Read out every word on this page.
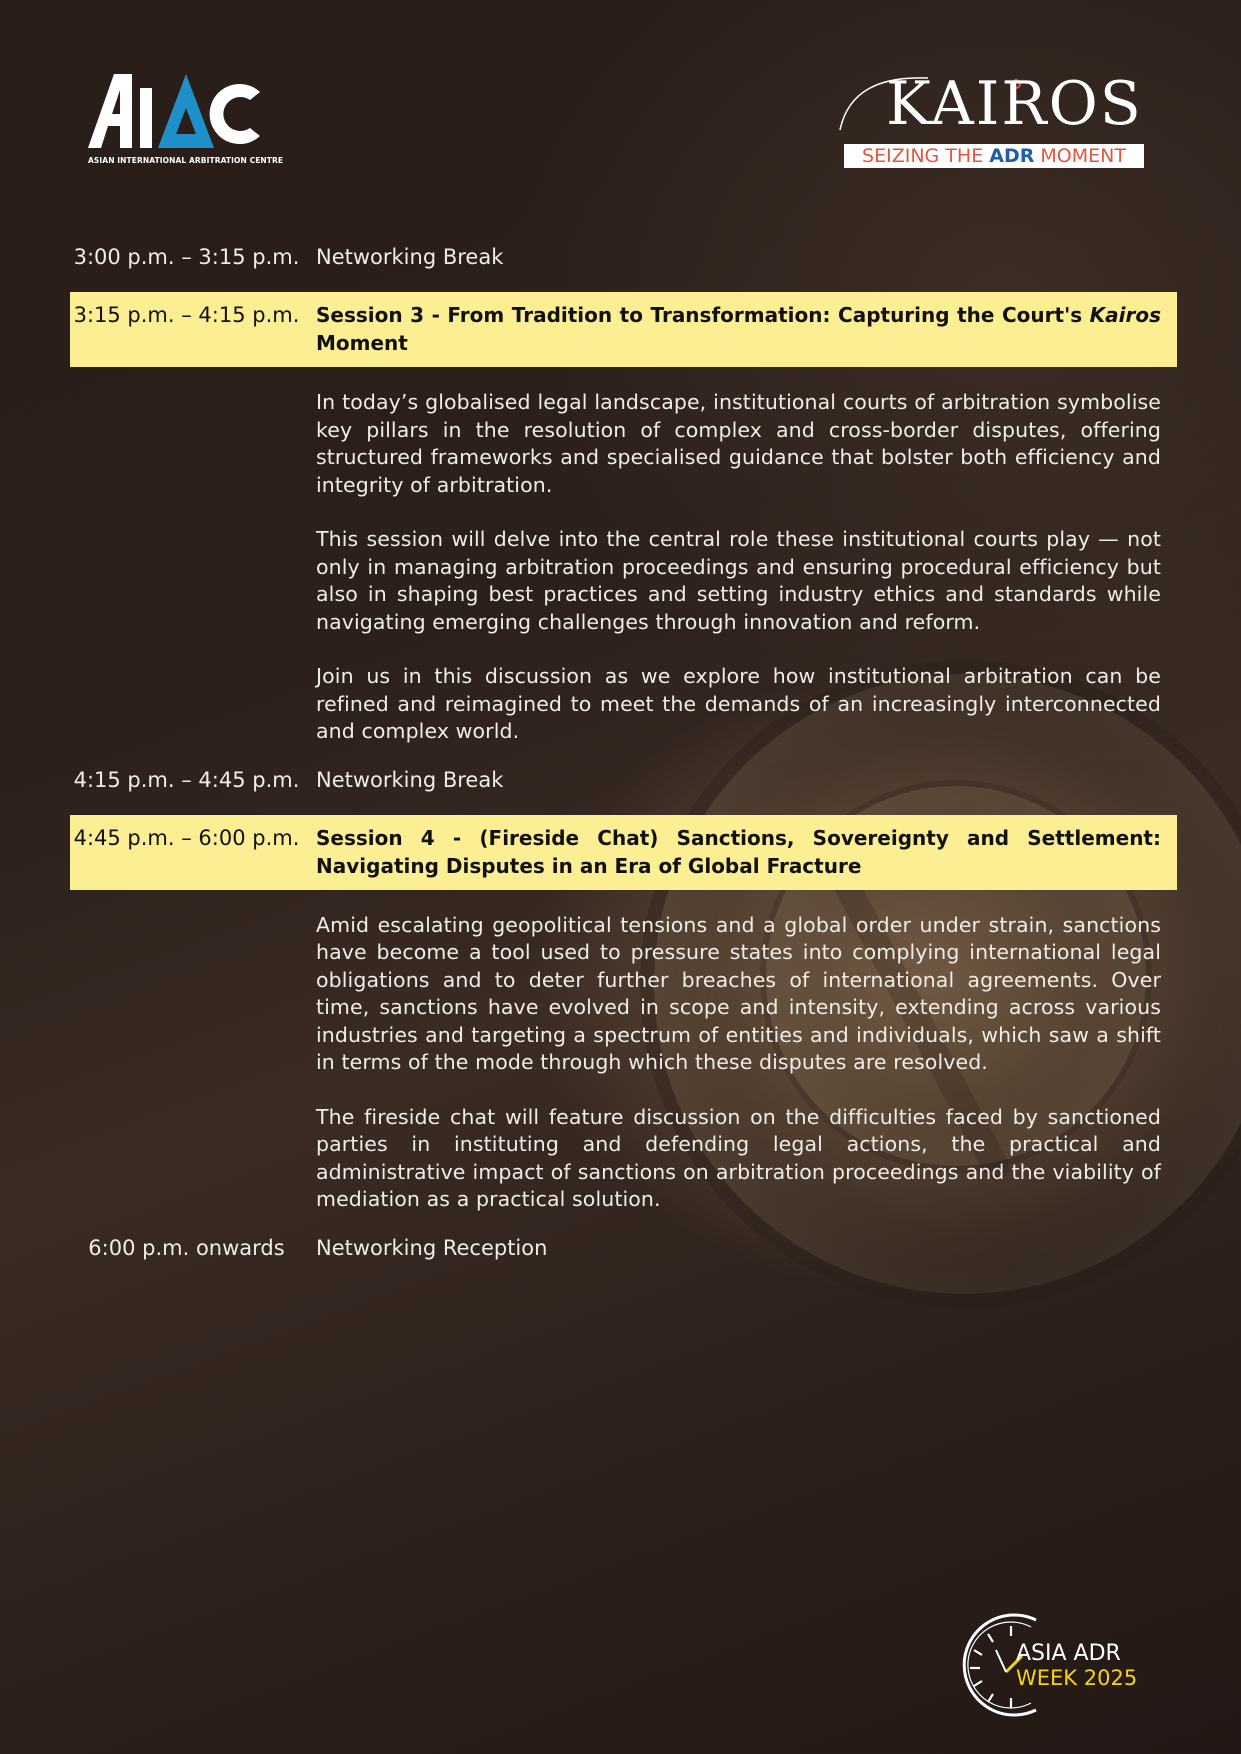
ASIAN INTERNATIONAL ARBITRATION CENTRE
KAIROS
SEIZING THE ADR MOMENT
3:00 p.m. – 3:15 p.m. Networking Break
3:15 p.m. – 4:15 p.m. Session 3 - From Tradition to Transformation: Capturing the Court's Kairos Moment

In today’s globalised legal landscape, institutional courts of arbitration symbolise key pillars in the resolution of complex and cross-border disputes, offering structured frameworks and specialised guidance that bolster both efficiency and integrity of arbitration.

This session will delve into the central role these institutional courts play — not only in managing arbitration proceedings and ensuring procedural efficiency but also in shaping best practices and setting industry ethics and standards while navigating emerging challenges through innovation and reform.

Join us in this discussion as we explore how institutional arbitration can be refined and reimagined to meet the demands of an increasingly interconnected and complex world.

4:15 p.m. – 4:45 p.m. Networking Break
4:45 p.m. – 6:00 p.m. Session 4 - (Fireside Chat) Sanctions, Sovereignty and Settlement: Navigating Disputes in an Era of Global Fracture

Amid escalating geopolitical tensions and a global order under strain, sanctions have become a tool used to pressure states into complying international legal obligations and to deter further breaches of international agreements. Over time, sanctions have evolved in scope and intensity, extending across various industries and targeting a spectrum of entities and individuals, which saw a shift in terms of the mode through which these disputes are resolved.

The fireside chat will feature discussion on the difficulties faced by sanctioned parties in instituting and defending legal actions, the practical and administrative impact of sanctions on arbitration proceedings and the viability of mediation as a practical solution.

6:00 p.m. onwards	Networking Reception
ASIA ADR
WEEK 2025
